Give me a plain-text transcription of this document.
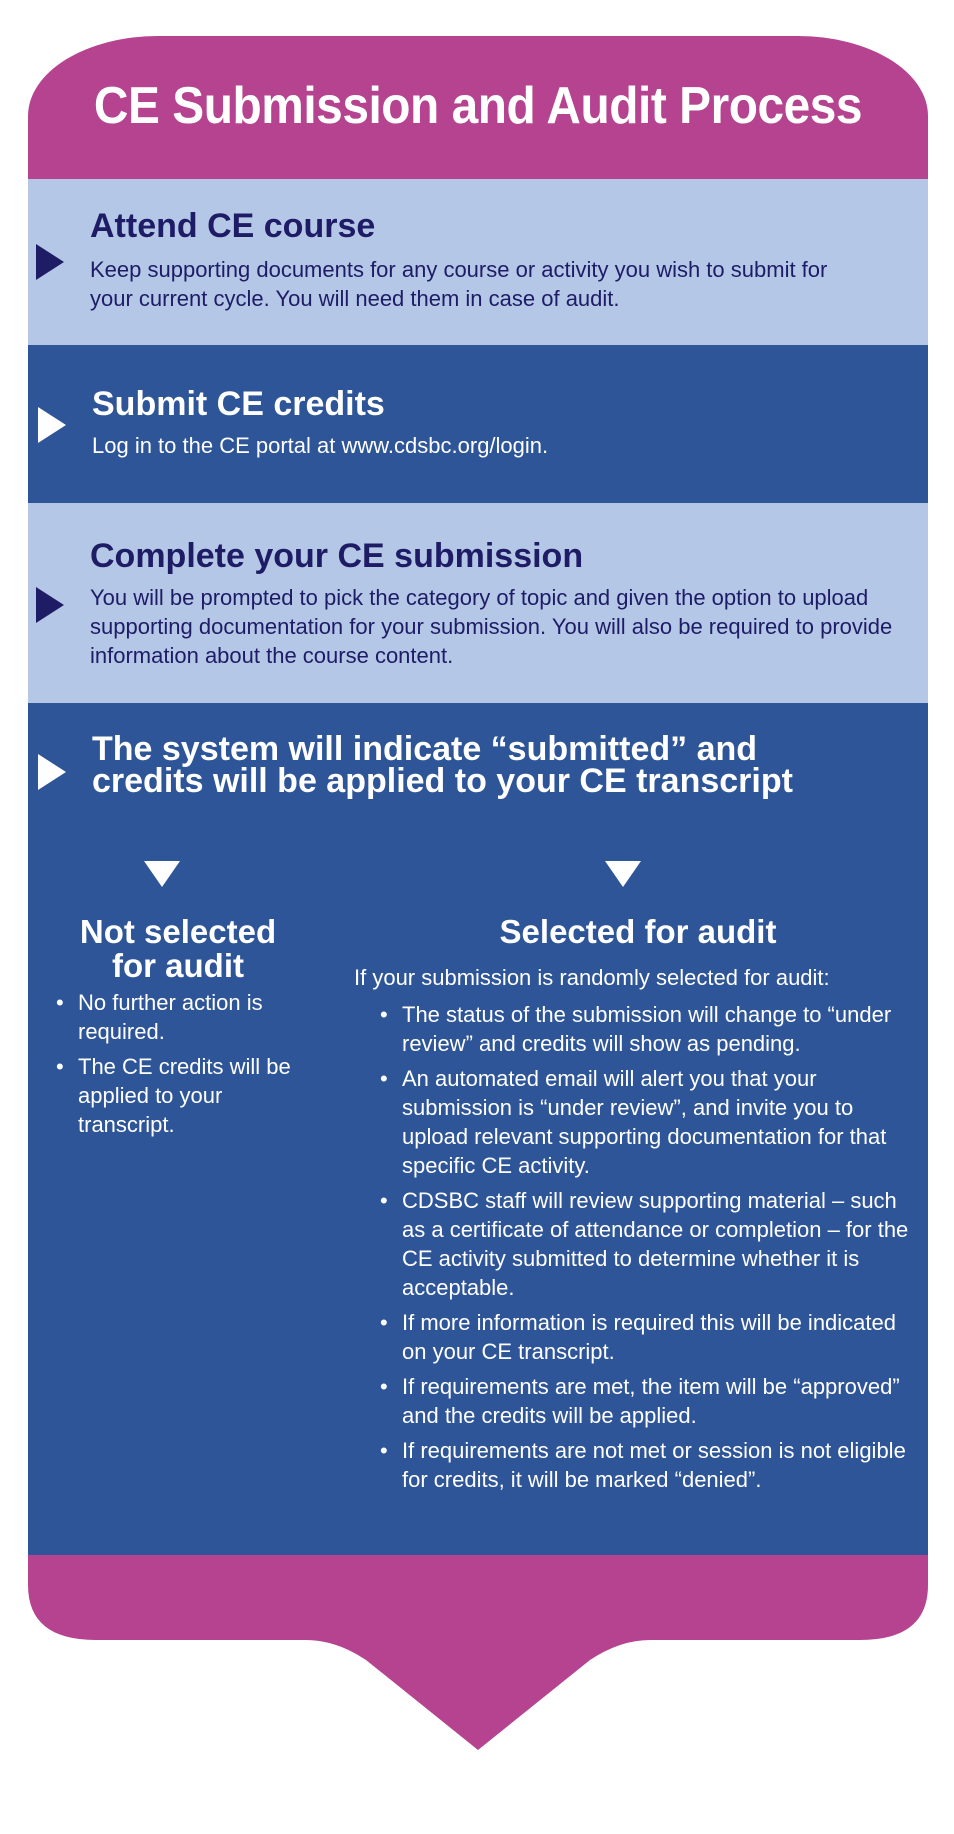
CE Submission and Audit Process
Attend CE course

Keep supporting documents for any course or activity you wish to submit for your current cycle. You will need them in case of audit.

Submit CE credits

Log in to the CE portal at www.cdsbc.org/login.

Complete your CE submission

You will be prompted to pick the category of topic and given the option to upload supporting documentation for your submission. You will also be required to provide information about the course content.

The system will indicate “submitted” and
credits will be applied to your CE transcript
Not selected
for audit
• No further action is required.
• The CE credits will be applied to your transcript.
Selected for audit

If your submission is randomly selected for audit:

• The status of the submission will change to “under review” and credits will show as pending.
• An automated email will alert you that your submission is “under review”, and invite you to upload relevant supporting documentation for that specific CE activity.
• CDSBC staff will review supporting material – such as a certificate of attendance or completion – for the CE activity submitted to determine whether it is acceptable.
• If more information is required this will be indicated on your CE transcript.
• If requirements are met, the item will be “approved” and the credits will be applied.
• If requirements are not met or session is not eligible for credits, it will be marked “denied”.
